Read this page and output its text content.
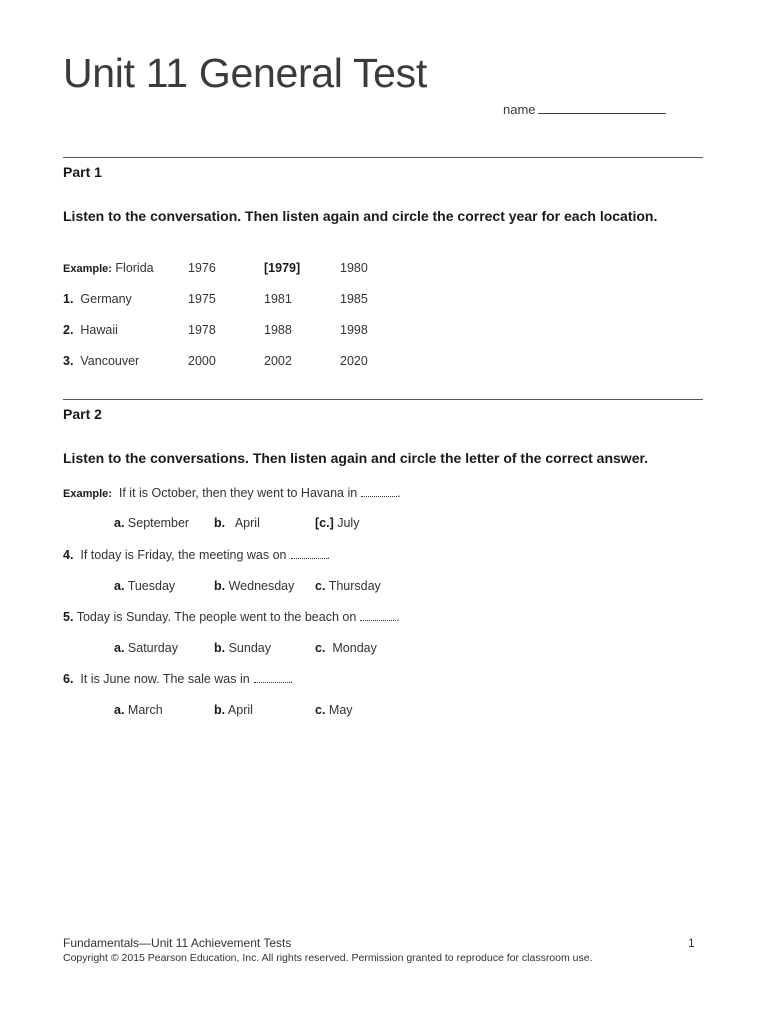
Unit 11 General Test
name
Part 1
Listen to the conversation. Then listen again and circle the correct year for each location.
Example: Florida	1976	[1979]	1980
1. Germany	1975	1981	1985
2. Hawaii	1978	1988	1998
3. Vancouver	2000	2002	2020
Part 2
Listen to the conversations. Then listen again and circle the letter of the correct answer.
Example: If it is October, then they went to Havana in	.
a. September b. April	[c.] July
4. If today is Friday, the meeting was on	.
a. Tuesday	b. Wednesday c. Thursday
5. Today is Sunday. The people went to the beach on	.
a. Saturday	b. Sunday	c. Monday
6. It is June now. The sale was in	.
a. March	b. April	c. May
Fundamentals—Unit 11 Achievement Tests	1
Copyright © 2015 Pearson Education, Inc. All rights reserved. Permission granted to reproduce for classroom use.
